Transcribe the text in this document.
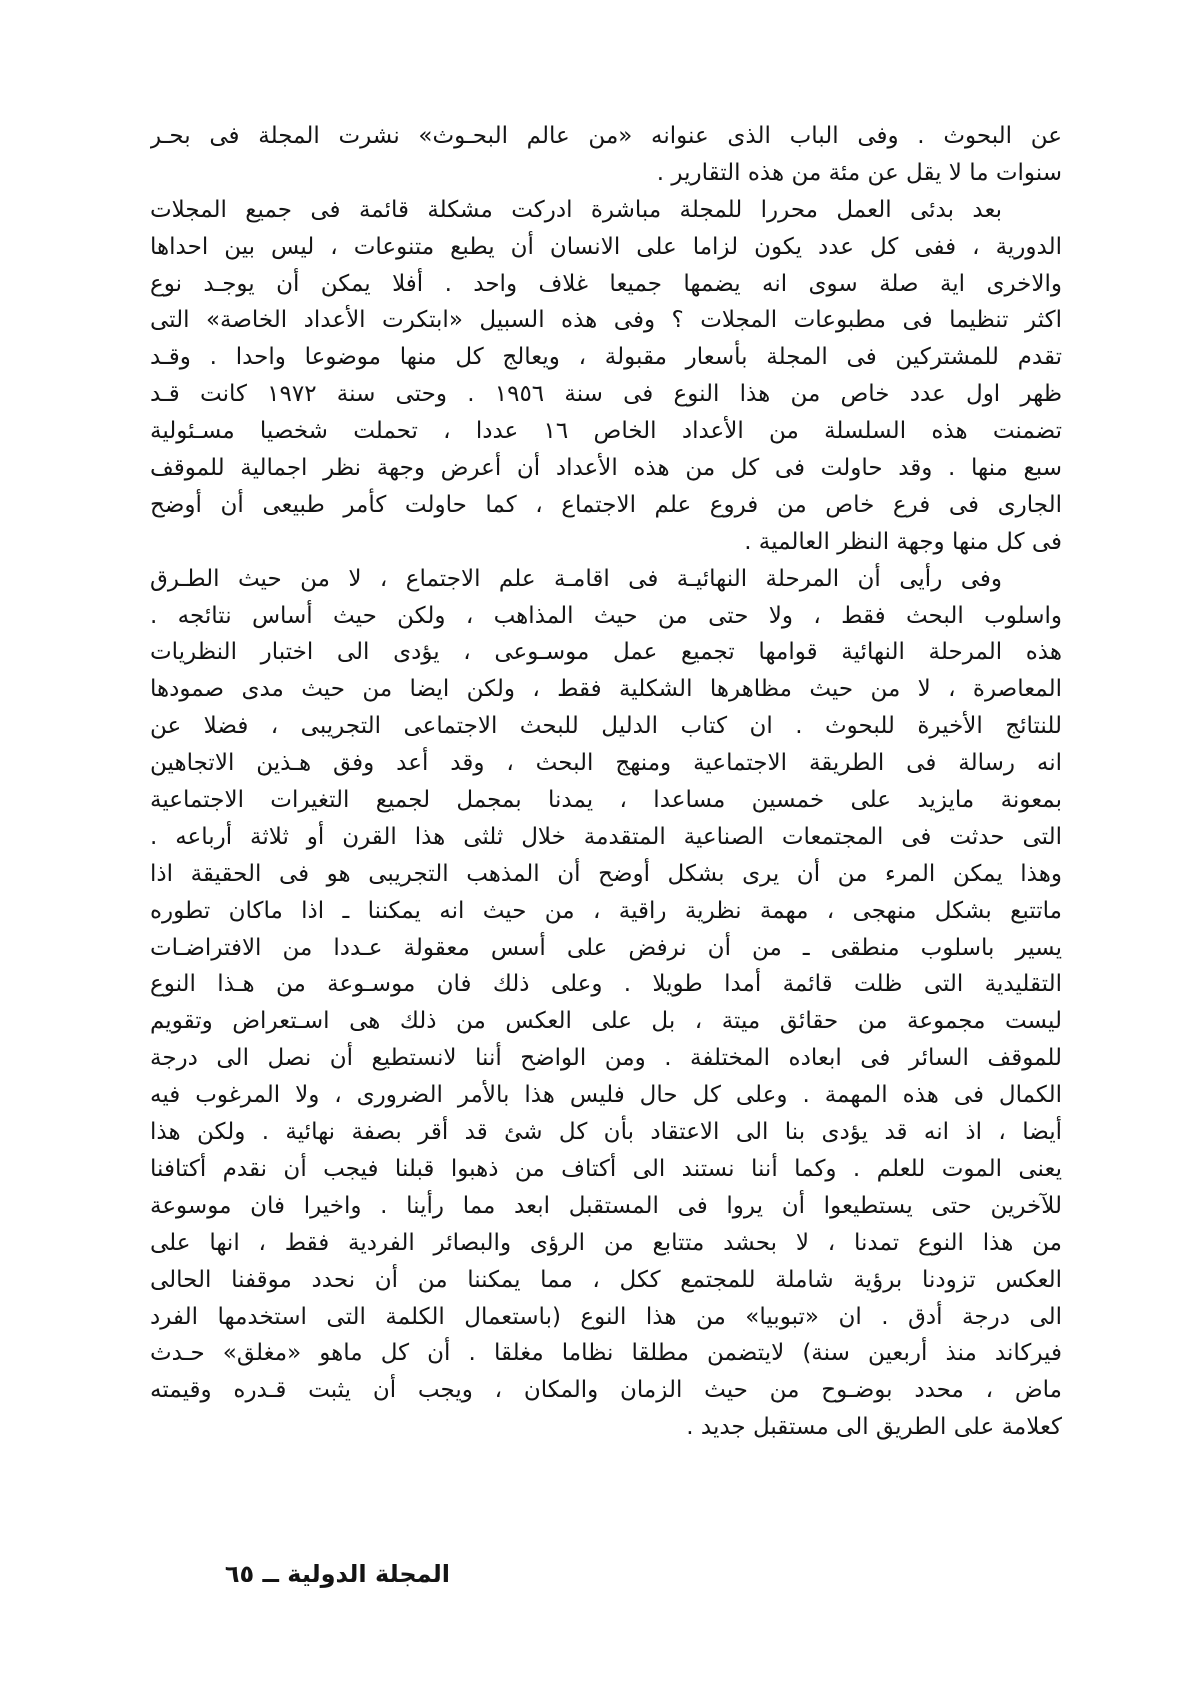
عن البحوث . وفى الباب الذى عنوانه «من عالم البحـوث» نشرت المجلة فى بحـر
سنوات ما لا يقل عن مئة من هذه التقارير .
بعد بدئى العمل محررا للمجلة مباشرة ادركت مشكلة قائمة فى جميع المجلات
الدورية ، ففى كل عدد يكون لزاما على الانسان أن يطبع متنوعات ، ليس بين احداها
والاخرى اية صلة سوى انه يضمها جميعا غلاف واحد . أفلا يمكن أن يوجـد نوع
اكثر تنظيما فى مطبوعات المجلات ؟ وفى هذه السبيل «ابتكرت الأعداد الخاصة» التى
تقدم للمشتركين فى المجلة بأسعار مقبولة ، ويعالج كل منها موضوعا واحدا . وقـد
ظهر اول عدد خاص من هذا النوع فى سنة ١٩٥٦ . وحتى سنة ١٩٧٢ كانت قـد
تضمنت هذه السلسلة من الأعداد الخاص ١٦ عددا ، تحملت شخصيا مسـئولية
سبع منها . وقد حاولت فى كل من هذه الأعداد أن أعرض وجهة نظر اجمالية للموقف
الجارى فى فرع خاص من فروع علم الاجتماع ، كما حاولت كأمر طبيعى أن أوضح
فى كل منها وجهة النظر العالمية .
وفى رأيى أن المرحلة النهائيـة فى اقامـة علم الاجتماع ، لا من حيث الطـرق
واسلوب البحث فقط ، ولا حتى من حيث المذاهب ، ولكن حيث أساس نتائجه .
هذه المرحلة النهائية قوامها تجميع عمل موسـوعى ، يؤدى الى اختبار النظريات
المعاصرة ، لا من حيث مظاهرها الشكلية فقط ، ولكن ايضا من حيث مدى صمودها
للنتائج الأخيرة للبحوث . ان كتاب الدليل للبحث الاجتماعى التجريبى ، فضلا عن
انه رسالة فى الطريقة الاجتماعية ومنهج البحث ، وقد أعد وفق هـذين الاتجاهين
بمعونة مايزيد على خمسين مساعدا ، يمدنا بمجمل لجميع التغيرات الاجتماعية
التى حدثت فى المجتمعات الصناعية المتقدمة خلال ثلثى هذا القرن أو ثلاثة أرباعه .
وهذا يمكن المرء من أن يرى بشكل أوضح أن المذهب التجريبى هو فى الحقيقة اذا
ماتتبع بشكل منهجى ، مهمة نظرية راقية ، من حيث انه يمكننا ـ اذا ماكان تطوره
يسير باسلوب منطقى ـ من أن نرفض على أسس معقولة عـددا من الافتراضـات
التقليدية التى ظلت قائمة أمدا طويلا . وعلى ذلك فان موسـوعة من هـذا النوع
ليست مجموعة من حقائق ميتة ، بل على العكس من ذلك هى اسـتعراض وتقويم
للموقف السائر فى ابعاده المختلفة . ومن الواضح أننا لانستطيع أن نصل الى درجة
الكمال فى هذه المهمة . وعلى كل حال فليس هذا بالأمر الضرورى ، ولا المرغوب فيه
أيضا ، اذ انه قد يؤدى بنا الى الاعتقاد بأن كل شئ قد أقر بصفة نهائية . ولكن هذا
يعنى الموت للعلم . وكما أننا نستند الى أكتاف من ذهبوا قبلنا فيجب أن نقدم أكتافنا
للآخرين حتى يستطيعوا أن يروا فى المستقبل ابعد مما رأينا . واخيرا فان موسوعة
من هذا النوع تمدنا ، لا بحشد متتابع من الرؤى والبصائر الفردية فقط ، انها على
العكس تزودنا برؤية شاملة للمجتمع ككل ، مما يمكننا من أن نحدد موقفنا الحالى
الى درجة أدق . ان «تبوبيا» من هذا النوع (باستعمال الكلمة التى استخدمها الفرد
فيركاند منذ أربعين سنة) لايتضمن مطلقا نظاما مغلقا . أن كل ماهو «مغلق» حـدث
ماض ، محدد بوضـوح من حيث الزمان والمكان ، ويجب أن يثبت قـدره وقيمته
كعلامة على الطريق الى مستقبل جديد .
المجلة الدولية ــ ٦٥
